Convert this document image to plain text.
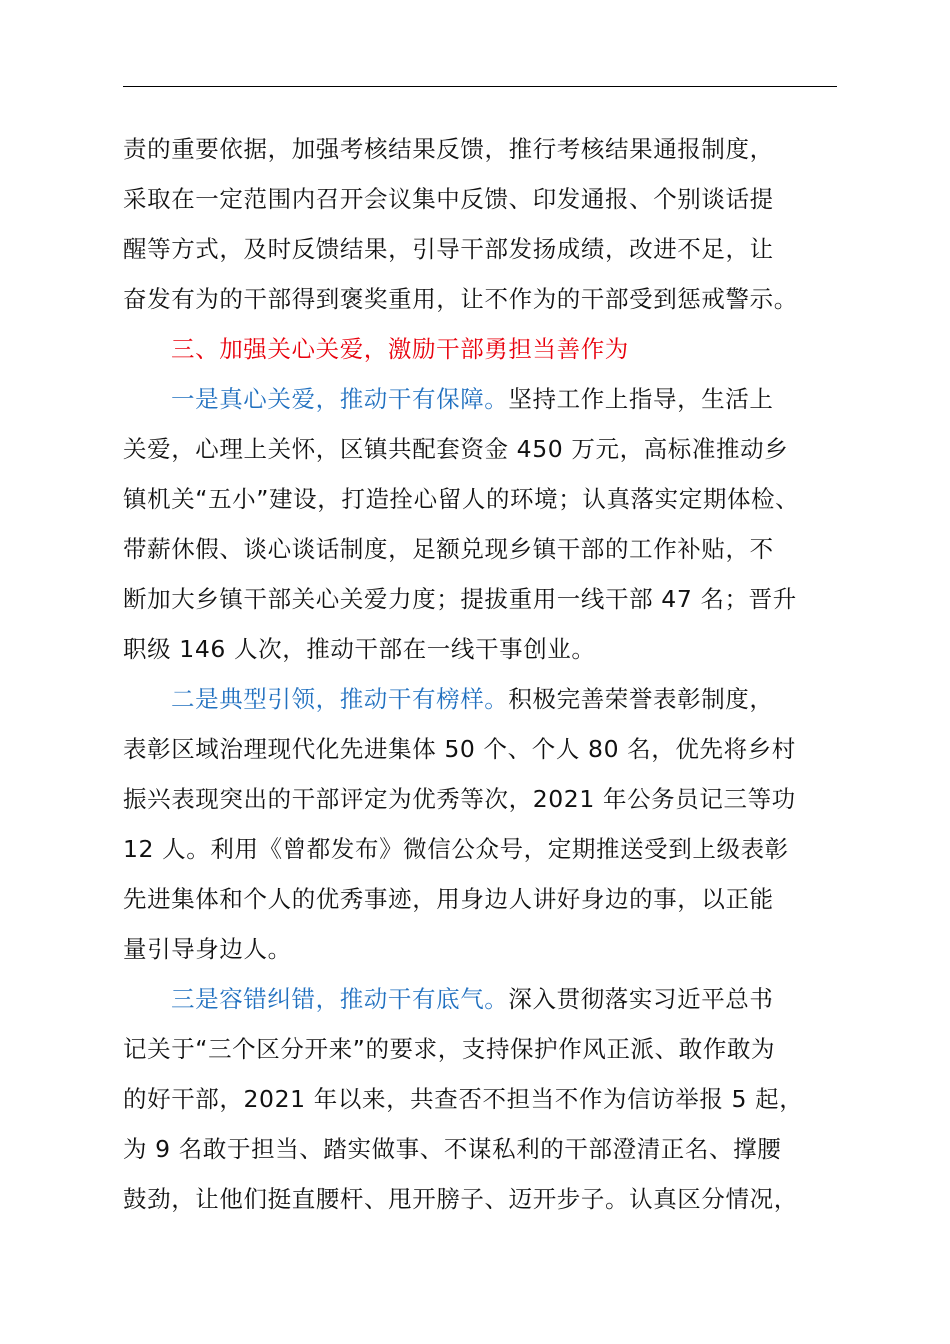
责的重要依据，加强考核结果反馈，推行考核结果通报制度，
采取在一定范围内召开会议集中反馈、印发通报、个别谈话提
醒等方式，及时反馈结果，引导干部发扬成绩，改进不足，让
奋发有为的干部得到褒奖重用，让不作为的干部受到惩戒警示。
三、加强关心关爱，激励干部勇担当善作为
一是真心关爱，推动干有保障。坚持工作上指导，生活上
关爱，心理上关怀，区镇共配套资金 450 万元，高标准推动乡
镇机关“五小”建设，打造拴心留人的环境；认真落实定期体检、
带薪休假、谈心谈话制度，足额兑现乡镇干部的工作补贴，不
断加大乡镇干部关心关爱力度；提拔重用一线干部 47 名；晋升
职级 146 人次，推动干部在一线干事创业。
二是典型引领，推动干有榜样。积极完善荣誉表彰制度，
表彰区域治理现代化先进集体 50 个、个人 80 名，优先将乡村
振兴表现突出的干部评定为优秀等次，2021 年公务员记三等功
12 人。利用《曾都发布》微信公众号，定期推送受到上级表彰
先进集体和个人的优秀事迹，用身边人讲好身边的事，以正能
量引导身边人。
三是容错纠错，推动干有底气。深入贯彻落实习近平总书
记关于“三个区分开来”的要求，支持保护作风正派、敢作敢为
的好干部，2021 年以来，共查否不担当不作为信访举报 5 起，
为 9 名敢于担当、踏实做事、不谋私利的干部澄清正名、撑腰
鼓劲，让他们挺直腰杆、甩开膀子、迈开步子。认真区分情况，
